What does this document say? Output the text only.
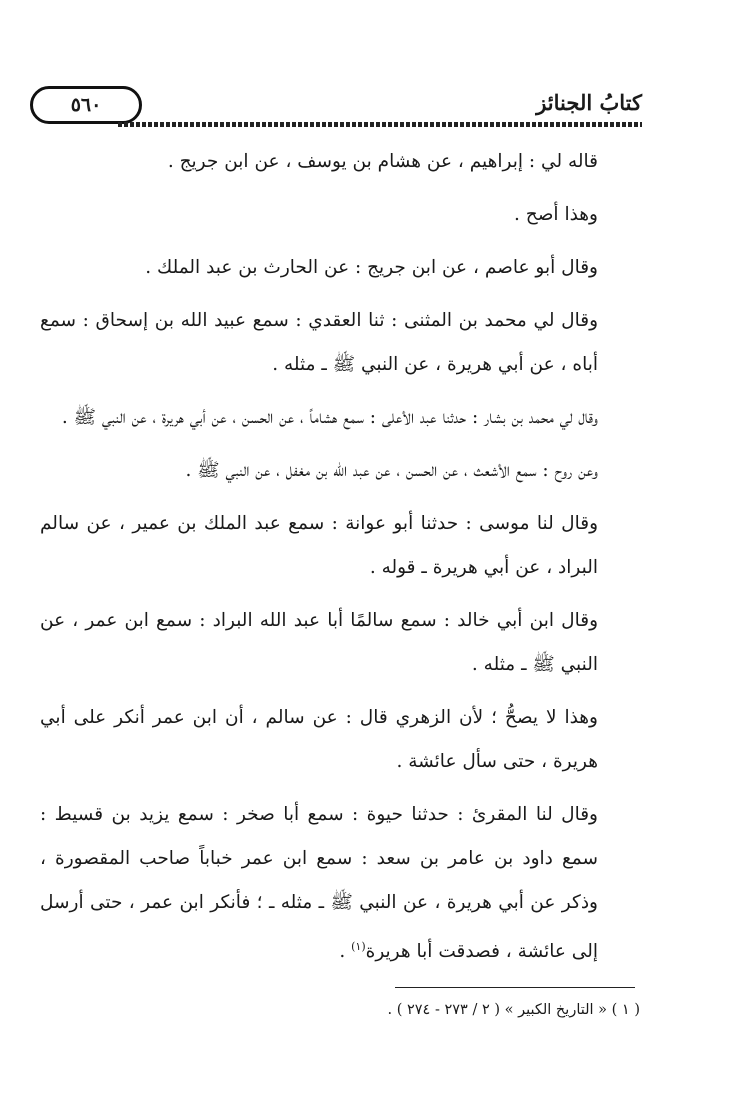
٥٦٠	كتابُ الجنائز

قاله لي : إبراهيم ، عن هشام بن يوسف ، عن ابن جريج .

وهذا أصح .

وقال أبو عاصم ، عن ابن جريج : عن الحارث بن عبد الملك .

وقال لي محمد بن المثنى : ثنا العقدي : سمع عبيد الله بن إسحاق : سمع أباه ، عن أبي هريرة ، عن النبي ﷺ ـ مثله .

وقال لي محمد بن بشار : حدثنا عبد الأعلى : سمع هشاماً ، عن الحسن ، عن أبي هريرة ، عن النبي ﷺ .

وعن روح : سمع الأشعث ، عن الحسن ، عن عبد الله بن مغفل ، عن النبي ﷺ .

وقال لنا موسى : حدثنا أبو عوانة : سمع عبد الملك بن عمير ، عن سالم البراد ، عن أبي هريرة ـ قوله .

وقال ابن أبي خالد : سمع سالمًا أبا عبد الله البراد : سمع ابن عمر ، عن النبي ﷺ ـ مثله .

وهذا لا يصحُّ ؛ لأن الزهري قال : عن سالم ، أن ابن عمر أنكر على أبي هريرة ، حتى سأل عائشة .

وقال لنا المقرئ : حدثنا حيوة : سمع أبا صخر : سمع يزيد بن قسيط : سمع داود بن عامر بن سعد : سمع ابن عمر خباباً صاحب المقصورة ، وذكر عن أبي هريرة ، عن النبي ﷺ ـ مثله ـ ؛ فأنكر ابن عمر ، حتى أرسل إلى عائشة ، فصدقت أبا هريرة$^{(١)}$ .

( ١ ) « التاريخ الكبير » ( ٢ / ٢٧٣ - ٢٧٤ ) .
